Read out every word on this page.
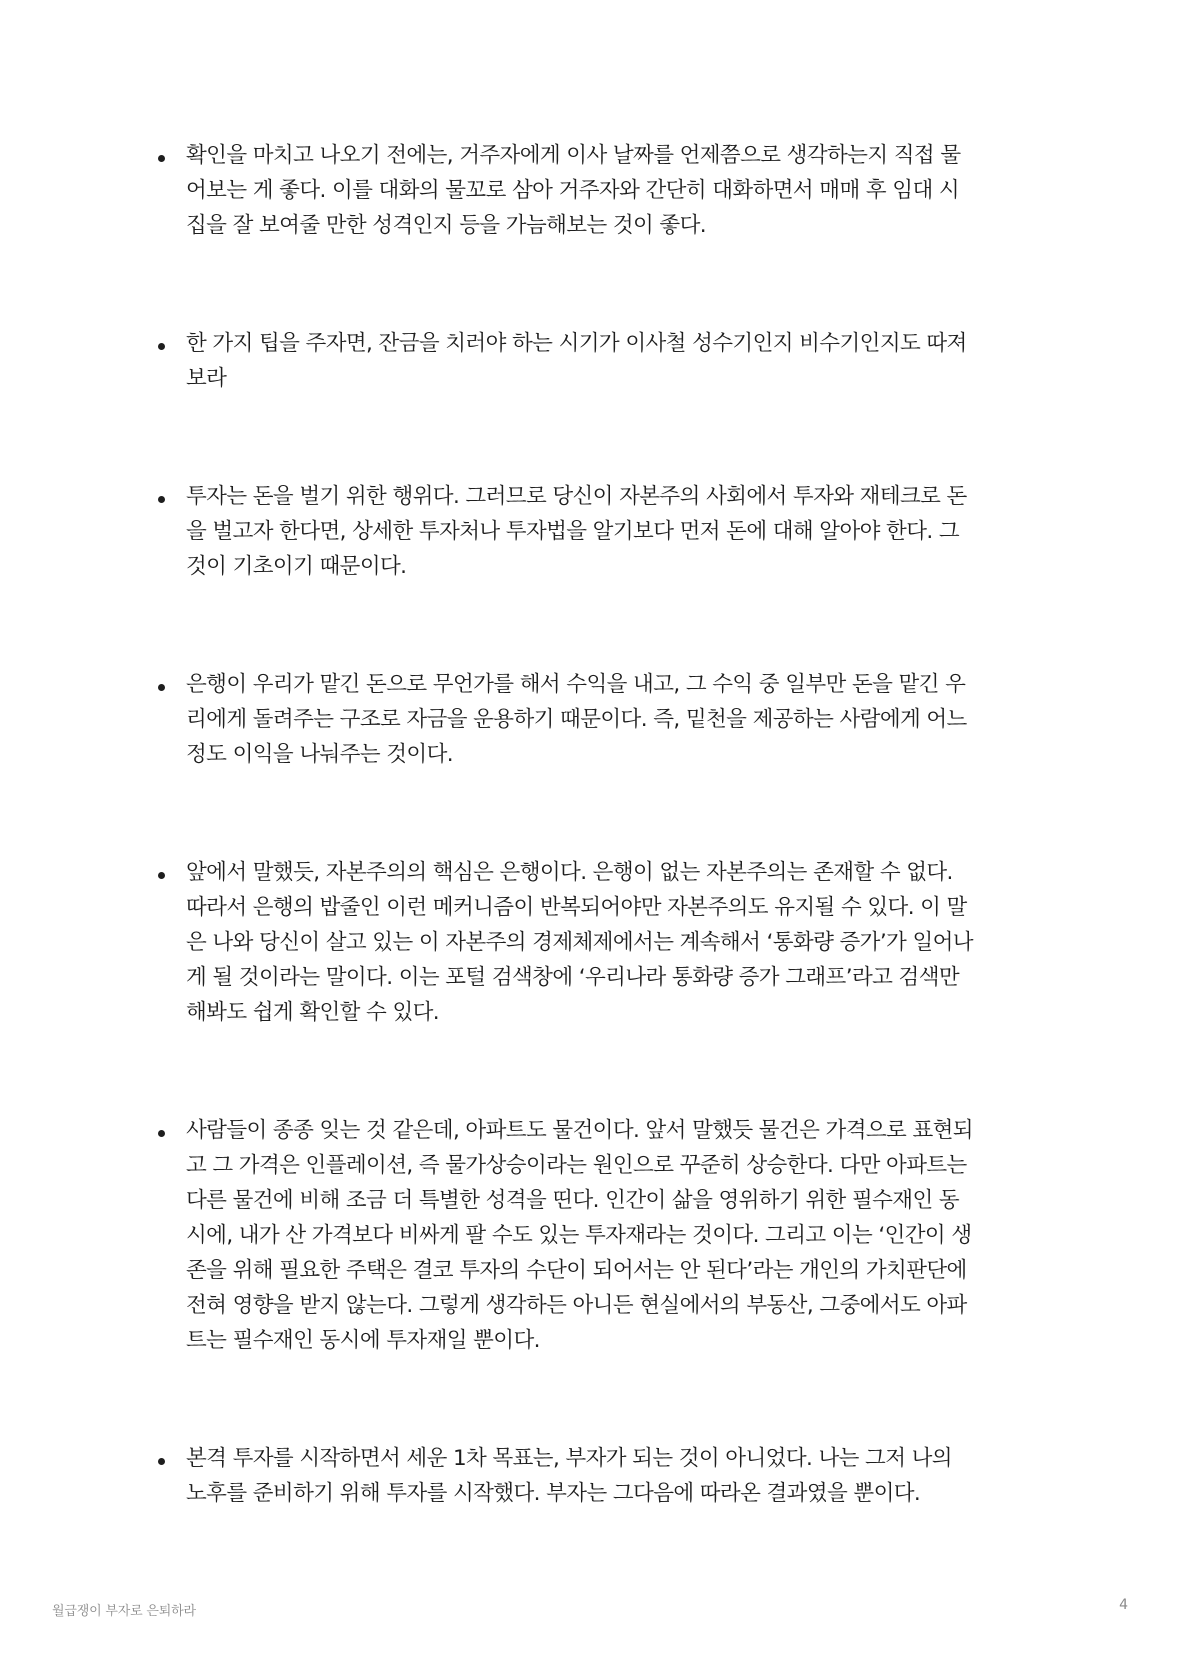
확인을 마치고 나오기 전에는, 거주자에게 이사 날짜를 언제쯤으로 생각하는지 직접 물
어보는 게 좋다. 이를 대화의 물꼬로 삼아 거주자와 간단히 대화하면서 매매 후 임대 시
집을 잘 보여줄 만한 성격인지 등을 가늠해보는 것이 좋다.
한 가지 팁을 주자면, 잔금을 치러야 하는 시기가 이사철 성수기인지 비수기인지도 따져
보라
투자는 돈을 벌기 위한 행위다. 그러므로 당신이 자본주의 사회에서 투자와 재테크로 돈
을 벌고자 한다면, 상세한 투자처나 투자법을 알기보다 먼저 돈에 대해 알아야 한다. 그
것이 기초이기 때문이다.
은행이 우리가 맡긴 돈으로 무언가를 해서 수익을 내고, 그 수익 중 일부만 돈을 맡긴 우
리에게 돌려주는 구조로 자금을 운용하기 때문이다. 즉, 밑천을 제공하는 사람에게 어느
정도 이익을 나눠주는 것이다.
앞에서 말했듯, 자본주의의 핵심은 은행이다. 은행이 없는 자본주의는 존재할 수 없다.
따라서 은행의 밥줄인 이런 메커니즘이 반복되어야만 자본주의도 유지될 수 있다. 이 말
은 나와 당신이 살고 있는 이 자본주의 경제체제에서는 계속해서 ‘통화량 증가’가 일어나
게 될 것이라는 말이다. 이는 포털 검색창에 ‘우리나라 통화량 증가 그래프’라고 검색만
해봐도 쉽게 확인할 수 있다.
사람들이 종종 잊는 것 같은데, 아파트도 물건이다. 앞서 말했듯 물건은 가격으로 표현되
고 그 가격은 인플레이션, 즉 물가상승이라는 원인으로 꾸준히 상승한다. 다만 아파트는
다른 물건에 비해 조금 더 특별한 성격을 띤다. 인간이 삶을 영위하기 위한 필수재인 동
시에, 내가 산 가격보다 비싸게 팔 수도 있는 투자재라는 것이다. 그리고 이는 ‘인간이 생
존을 위해 필요한 주택은 결코 투자의 수단이 되어서는 안 된다’라는 개인의 가치판단에
전혀 영향을 받지 않는다. 그렇게 생각하든 아니든 현실에서의 부동산, 그중에서도 아파
트는 필수재인 동시에 투자재일 뿐이다.
본격 투자를 시작하면서 세운 1차 목표는, 부자가 되는 것이 아니었다. 나는 그저 나의
노후를 준비하기 위해 투자를 시작했다. 부자는 그다음에 따라온 결과였을 뿐이다.
월급쟁이 부자로 은퇴하라	4
